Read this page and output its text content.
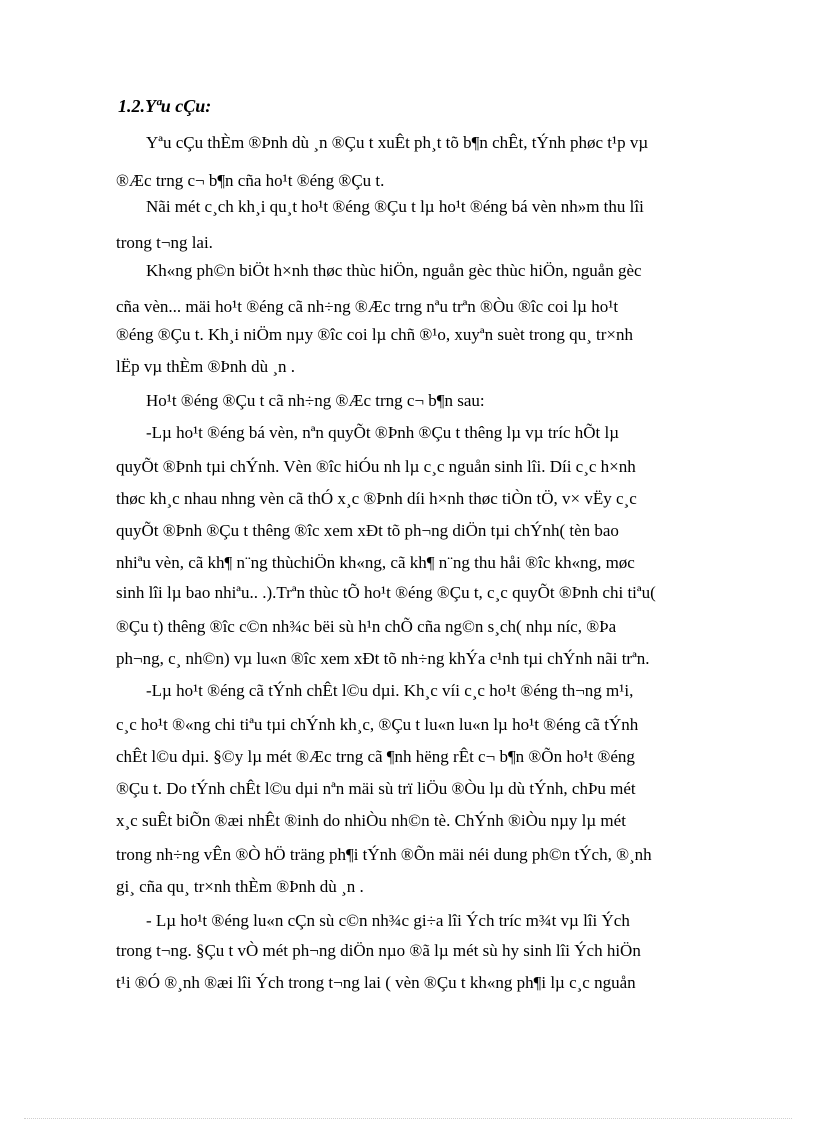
1.2.Yªu cÇu:
Yªu cÇu thÈm ®Þnh dù ¸n ®Çu t xuÊt ph¸t tõ b¶n chÊt, tÝnh phøc t¹p vµ
®Æc trng c¬ b¶n cña ho¹t ®éng ®Çu t.
Nãi mét c¸ch kh¸i qu¸t ho¹t ®éng ®Çu t lµ ho¹t ®éng bá vèn nh»m thu lîi
trong t¬ng lai.
Kh«ng ph©n biÖt h×nh thøc thùc hiÖn, nguån gèc thùc hiÖn, nguån gèc
cña vèn... mäi ho¹t ®éng cã nh÷ng ®Æc trng nªu trªn ®Òu ®îc coi lµ ho¹t
®éng ®Çu t. Kh¸i niÖm nµy ®îc coi lµ chñ ®¹o, xuyªn suèt trong qu¸ tr×nh
lËp vµ thÈm ®Þnh dù ¸n .
Ho¹t ®éng ®Çu t cã nh÷ng ®Æc trng c¬ b¶n sau:
-Lµ ho¹t ®éng bá vèn, nªn quyÕt ®Þnh ®Çu t thêng lµ vµ tríc hÕt lµ
quyÕt ®Þnh tµi chÝnh. Vèn ®îc hiÓu nh lµ c¸c nguån sinh lîi. Díi c¸c h×nh
thøc kh¸c nhau nhng vèn cã thÓ x¸c ®Þnh díi h×nh thøc tiÒn tÖ, v× vËy c¸c
quyÕt ®Þnh ®Çu t thêng ®îc xem xÐt tõ ph¬ng diÖn tµi chÝnh( tèn bao
nhiªu vèn, cã kh¶ n¨ng thùchiÖn kh«ng, cã kh¶ n¨ng thu håi ®îc kh«ng, møc
sinh lîi lµ bao nhiªu.. .).Trªn thùc tÕ ho¹t ®éng ®Çu t, c¸c quyÕt ®Þnh chi tiªu(
®Çu t) thêng ®îc c©n nh¾c bëi sù h¹n chÕ cña ng©n s¸ch( nhµ níc, ®Þa
ph¬ng, c¸ nh©n) vµ lu«n ®îc xem xÐt tõ nh÷ng khÝa c¹nh tµi chÝnh nãi trªn.
-Lµ ho¹t ®éng cã tÝnh chÊt l©u dµi. Kh¸c víi c¸c ho¹t ®éng th¬ng m¹i,
c¸c ho¹t ®«ng chi tiªu tµi chÝnh kh¸c, ®Çu t lu«n lu«n lµ ho¹t ®éng cã tÝnh
chÊt l©u dµi. §©y lµ mét ®Æc trng cã ¶nh hëng rÊt c¬ b¶n ®Õn ho¹t ®éng
®Çu t. Do tÝnh chÊt l©u dµi nªn mäi sù trï liÖu ®Òu lµ dù tÝnh, chÞu mét
x¸c suÊt biÕn ®æi nhÊt ®inh do nhiÒu nh©n tè. ChÝnh ®iÒu nµy lµ mét
trong nh÷ng vÊn ®Ò hÖ träng ph¶i tÝnh ®Õn mäi néi dung ph©n tÝch, ®¸nh
gi¸ cña qu¸ tr×nh thÈm ®Þnh dù ¸n .
- Lµ ho¹t ®éng lu«n cÇn sù c©n nh¾c gi÷a lîi Ých tríc m¾t vµ lîi Ých
trong t¬ng. §Çu t vÒ mét ph¬ng diÖn nµo ®ã lµ mét sù hy sinh lîi Ých hiÖn
t¹i ®Ó ®¸nh ®æi lîi Ých trong t¬ng lai ( vèn ®Çu t kh«ng ph¶i lµ c¸c nguån
